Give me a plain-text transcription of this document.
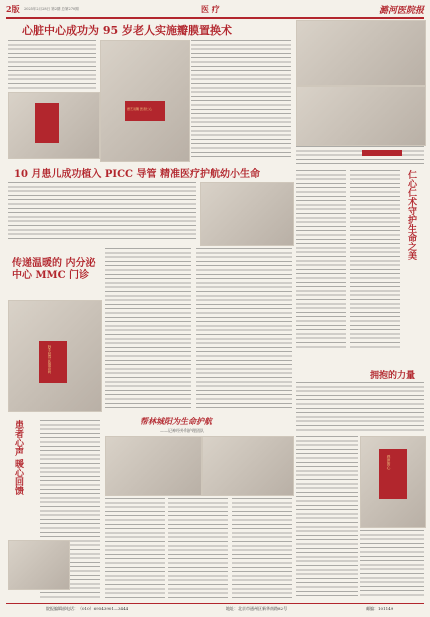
2版 2025年2月28日 第2期 总第270期	医 疗	潞河医院报
心脏中心成功为 95 岁老人实施瓣膜置换术
德艺双馨 医者仁心
10 月患儿成功植入 PICC 导管 精准医疗护航幼小生命
传递温暖的 内分泌中心 MMC 门诊
妙手回春 医德高尚
患者心声 暖心回馈	帮林城阳为生命护航
——记神经外科护理团队
仁心仁术守护生命之美
拥抱的力量
感恩的心
院报编辑部电话：（010）69543901—3444	地址：北京市通州区新华南路82号	邮编：101149
